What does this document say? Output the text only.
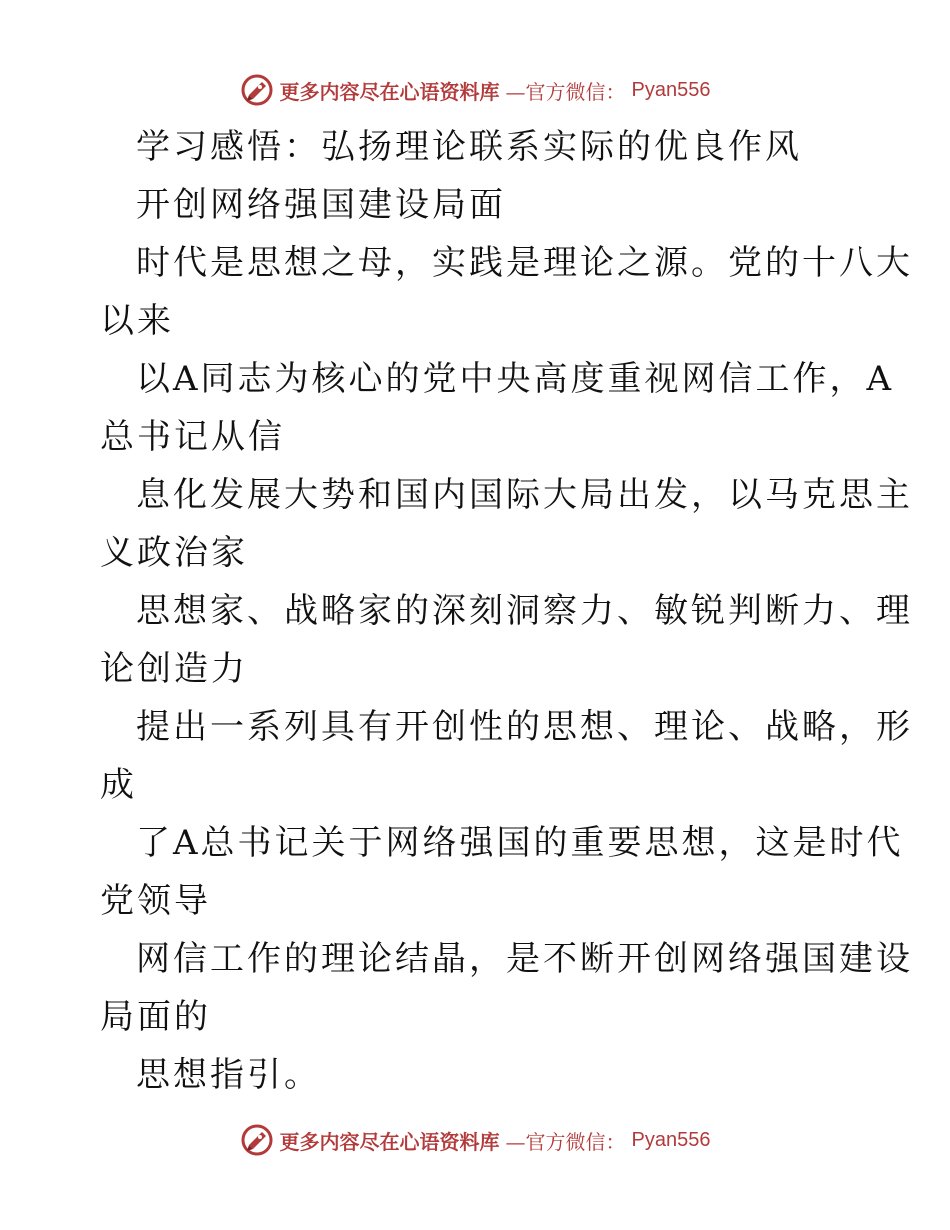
更多内容尽在心语资料库 —官方微信： Pyan556
学习感悟：弘扬理论联系实际的优良作风
开创网络强国建设局面
时代是思想之母，实践是理论之源。党的十八大
以来
以A同志为核心的党中央高度重视网信工作，A
总书记从信
息化发展大势和国内国际大局出发，以马克思主
义政治家
思想家、战略家的深刻洞察力、敏锐判断力、理
论创造力
提出一系列具有开创性的思想、理论、战略，形
成
了A总书记关于网络强国的重要思想，这是时代
党领导
网信工作的理论结晶，是不断开创网络强国建设
局面的
思想指引。
更多内容尽在心语资料库 —官方微信： Pyan556
